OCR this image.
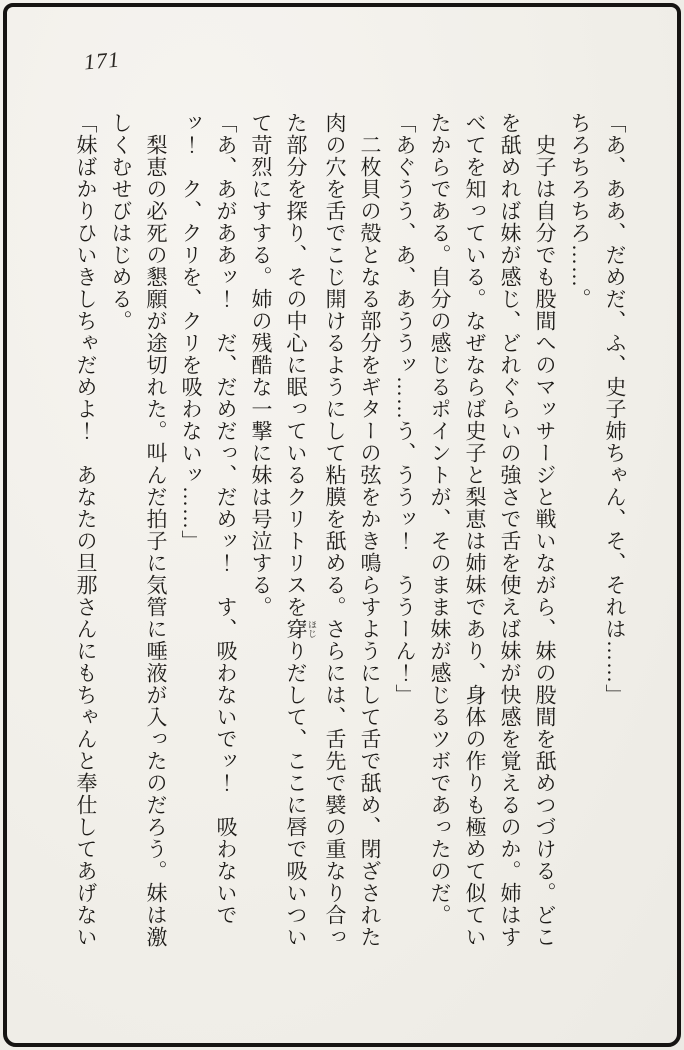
171

「あ、ああ、だめだ、ふ、史子姉ちゃん、そ、それは……」

ちろちろちろ……。

　史子は自分でも股間へのマッサージと戦いながら、妹の股間を舐めつづける。どこ

を舐めれば妹が感じ、どれぐらいの強さで舌を使えば妹が快感を覚えるのか。姉はす

べてを知っている。なぜならば史子と梨恵は姉妹であり、身体の作りも極めて似てい

たからである。自分の感じるポイントが、そのまま妹が感じるツボであったのだ。

「あぐうう、あ、あううッ……う、ううッ！　ううーん！」

　二枚貝の殻となる部分をギターの弦をかき鳴らすようにして舌で舐め、閉ざされた

肉の穴を舌でこじ開けるようにして粘膜を舐める。さらには、舌先で襞の重なり合っ

た部分を探り、その中心に眠っているクリトリスを穿 ほじりだして、ここに唇で吸いつい

て苛烈にすする。姉の残酷な一撃に妹は号泣する。

「あ、あがああッ！　だ、だめだっ、だめッ！　す、吸わないでッ！　吸わないで

ッ！　ク、クリを、クリを吸わないッ……」

　梨恵の必死の懇願が途切れた。叫んだ拍子に気管に唾液が入ったのだろう。妹は激

しくむせびはじめる。

「妹ばかりひいきしちゃだめよ！　あなたの旦那さんにもちゃんと奉仕してあげない
